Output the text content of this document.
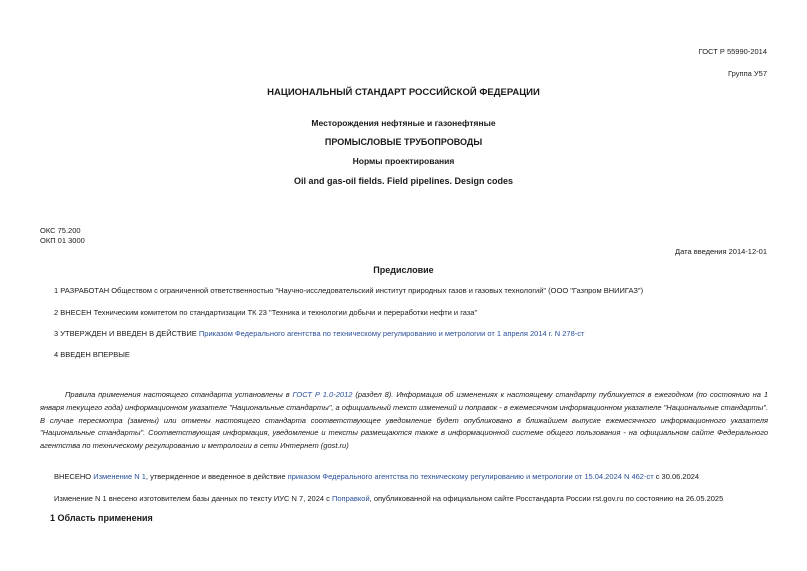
ГОСТ Р 55990-2014
Группа У57
НАЦИОНАЛЬНЫЙ СТАНДАРТ РОССИЙСКОЙ ФЕДЕРАЦИИ
Месторождения нефтяные и газонефтяные
ПРОМЫСЛОВЫЕ ТРУБОПРОВОДЫ
Нормы проектирования
Oil and gas-oil fields. Field pipelines. Design codes
ОКС 75.200
ОКП 01 3000
Дата введения 2014-12-01
Предисловие
1 РАЗРАБОТАН Обществом с ограниченной ответственностью "Научно-исследовательский институт природных газов и газовых технологий" (ООО "Газпром ВНИИГАЗ")
2 ВНЕСЕН Техническим комитетом по стандартизации ТК 23 "Техника и технологии добычи и переработки нефти и газа"
3 УТВЕРЖДЕН И ВВЕДЕН В ДЕЙСТВИЕ Приказом Федерального агентства по техническому регулированию и метрологии от 1 апреля 2014 г. N 278-ст
4 ВВЕДЕН ВПЕРВЫЕ
Правила применения настоящего стандарта установлены в ГОСТ Р 1.0-2012 (раздел 8). Информация об изменениях к настоящему стандарту публикуется в ежегодном (по состоянию на 1 января текущего года) информационном указателе "Национальные стандарты", а официальный текст изменений и поправок - в ежемесячном информационном указателе "Национальные стандарты". В случае пересмотра (замены) или отмены настоящего стандарта соответствующее уведомление будет опубликовано в ближайшем выпуске ежемесячного информационного указателя "Национальные стандарты". Соответствующая информация, уведомление и тексты размещаются также в информационной системе общего пользования - на официальном сайте Федерального агентства по техническому регулированию и метрологии в сети Интернет (gost.ru)
ВНЕСЕНО Изменение N 1, утвержденное и введенное в действие приказом Федерального агентства по техническому регулированию и метрологии от 15.04.2024 N 462-ст с 30.06.2024
Изменение N 1 внесено изготовителем базы данных по тексту ИУС N 7, 2024 с Поправкой, опубликованной на официальном сайте Росстандарта России rst.gov.ru по состоянию на 26.05.2025
1 Область применения
